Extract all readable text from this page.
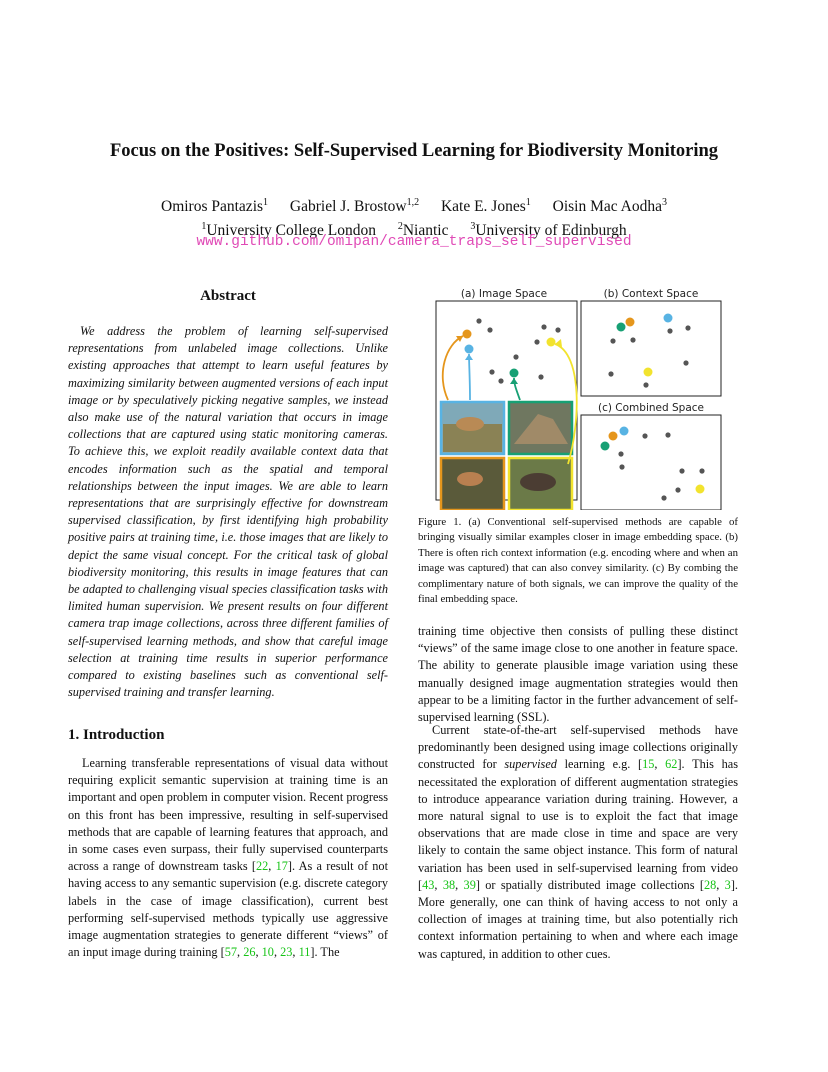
Focus on the Positives: Self-Supervised Learning for Biodiversity Monitoring
Omiros Pantazis$^1$ Gabriel J. Brostow$^{1,2}$ Kate E. Jones$^1$ Oisin Mac Aodha$^3$
$^1$University College London $^2$Niantic $^3$University of Edinburgh
www.github.com/omipan/camera_traps_self_supervised
Abstract

We address the problem of learning self-supervised representations from unlabeled image collections. Unlike existing approaches that attempt to learn useful features by maximizing similarity between augmented versions of each input image or by speculatively picking negative samples, we instead also make use of the natural variation that occurs in image collections that are captured using static monitoring cameras. To achieve this, we exploit readily available context data that encodes information such as the spatial and temporal relationships between the input images. We are able to learn representations that are surprisingly effective for downstream supervised classification, by first identifying high probability positive pairs at training time, i.e. those images that are likely to depict the same visual concept. For the critical task of global biodiversity monitoring, this results in image features that can be adapted to challenging visual species classification tasks with limited human supervision. We present results on four different camera trap image collections, across three different families of self-supervised learning methods, and show that careful image selection at training time results in superior performance compared to existing baselines such as conventional self-supervised training and transfer learning.

1. Introduction

Learning transferable representations of visual data without requiring explicit semantic supervision at training time is an important and open problem in computer vision. Recent progress on this front has been impressive, resulting in self-supervised methods that are capable of learning features that approach, and in some cases even surpass, their fully supervised counterparts across a range of downstream tasks [22, 17]. As a result of not having access to any semantic supervision (e.g. discrete category labels in the case of image classification), current best performing self-supervised methods typically use aggressive image augmentation strategies to generate different “views” of an input image during training [57, 26, 10, 23, 11]. The

(a) Image Space	(b) Context Space
(c) Combined Space

Figure 1. (a) Conventional self-supervised methods are capable of bringing visually similar examples closer in image embedding space. (b) There is often rich context information (e.g. encoding where and when an image was captured) that can also convey similarity. (c) By combing the complimentary nature of both signals, we can improve the quality of the final embedding space.

training time objective then consists of pulling these distinct “views” of the same image close to one another in feature space. The ability to generate plausible image variation using these manually designed image augmentation strategies would then appear to be a limiting factor in the further advancement of self-supervised learning (SSL).

Current state-of-the-art self-supervised methods have predominantly been designed using image collections originally constructed for supervised learning e.g. [15, 62]. This has necessitated the exploration of different augmentation strategies to introduce appearance variation during training. However, a more natural signal to use is to exploit the fact that image observations that are made close in time and space are very likely to contain the same object instance. This form of natural variation has been used in self-supervised learning from video [43, 38, 39] or spatially distributed image collections [28, 3]. More generally, one can think of having access to not only a collection of images at training time, but also potentially rich context information pertaining to when and where each image was captured, in addition to other cues.
